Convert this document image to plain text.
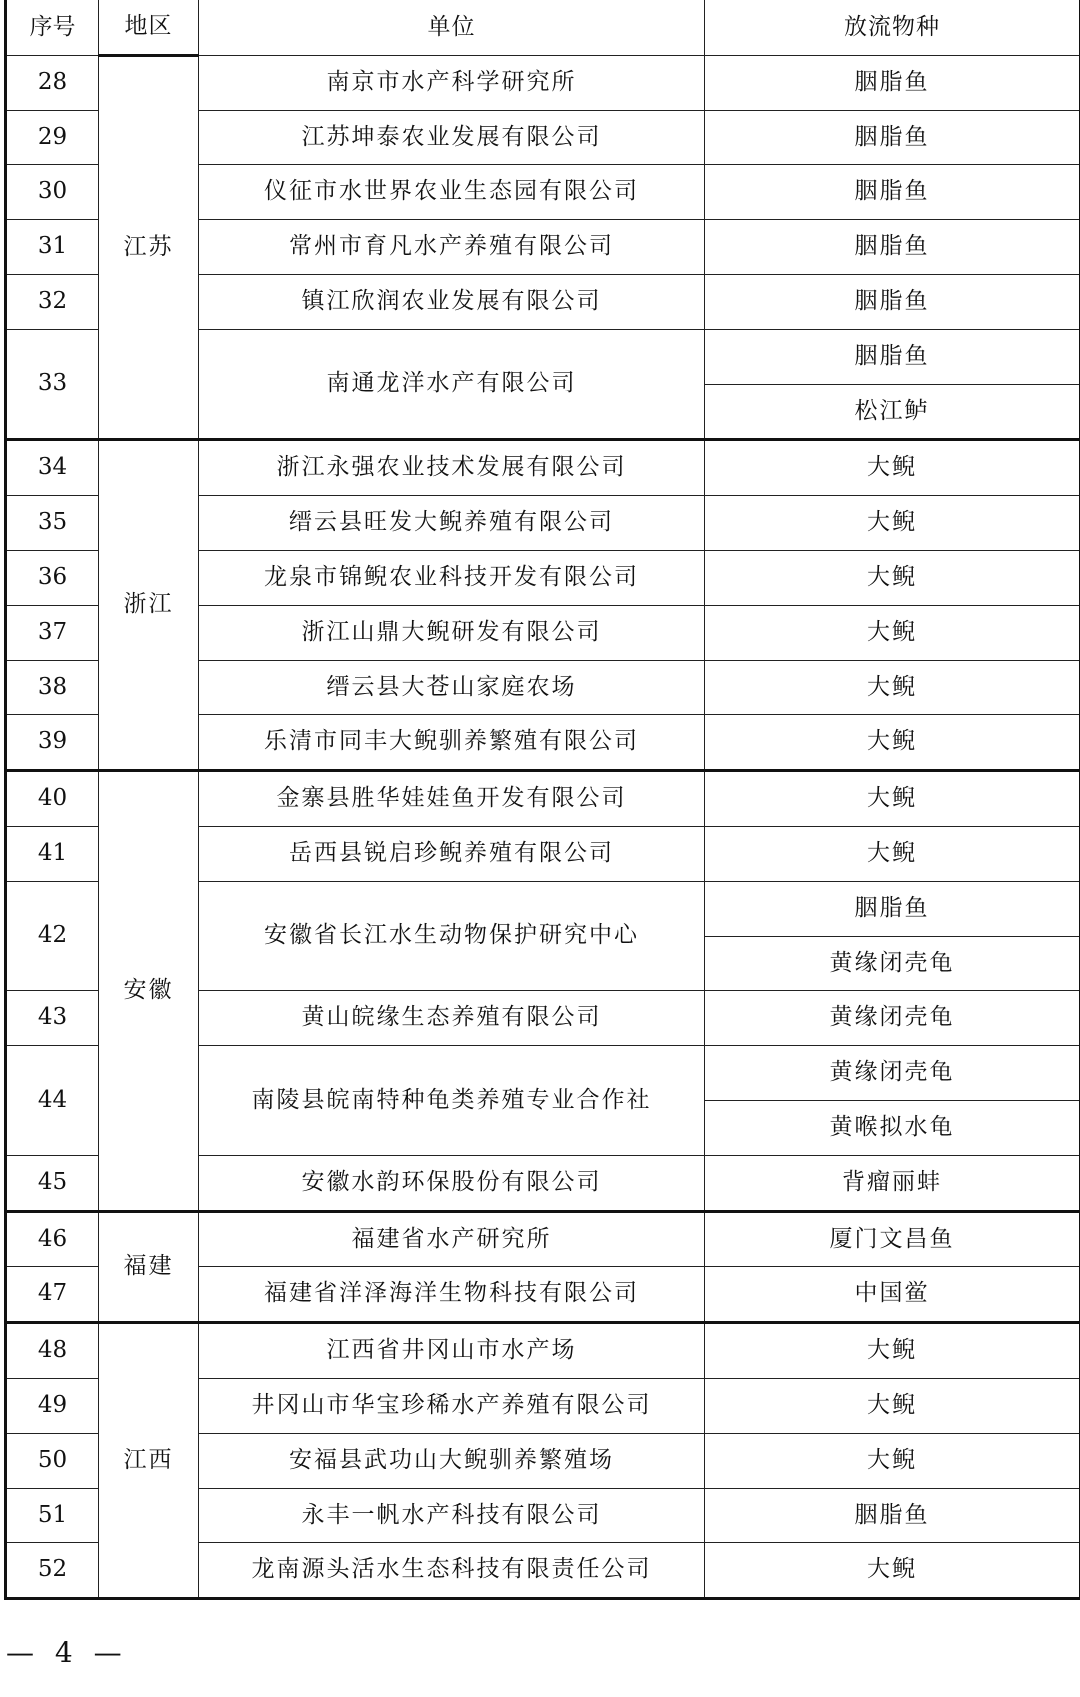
序号	地区	单位	放流物种
28	江苏	南京市水产科学研究所	胭脂鱼
29		江苏坤泰农业发展有限公司	胭脂鱼
30		仪征市水世界农业生态园有限公司	胭脂鱼
31		常州市育凡水产养殖有限公司	胭脂鱼
32		镇江欣润农业发展有限公司	胭脂鱼
33		南通龙洋水产有限公司	胭脂鱼
			松江鲈
34	浙江	浙江永强农业技术发展有限公司	大鲵
35		缙云县旺发大鲵养殖有限公司	大鲵
36		龙泉市锦鲵农业科技开发有限公司	大鲵
37		浙江山鼎大鲵研发有限公司	大鲵
38		缙云县大苍山家庭农场	大鲵
39		乐清市同丰大鲵驯养繁殖有限公司	大鲵
40	安徽	金寨县胜华娃娃鱼开发有限公司	大鲵
41		岳西县锐启珍鲵养殖有限公司	大鲵
42		安徽省长江水生动物保护研究中心	胭脂鱼
			黄缘闭壳龟
43		黄山皖缘生态养殖有限公司	黄缘闭壳龟
44		南陵县皖南特种龟类养殖专业合作社	黄缘闭壳龟
			黄喉拟水龟
45		安徽水韵环保股份有限公司	背瘤丽蚌
46	福建	福建省水产研究所	厦门文昌鱼
47		福建省洋泽海洋生物科技有限公司	中国鲎
48	江西	江西省井冈山市水产场	大鲵
49		井冈山市华宝珍稀水产养殖有限公司	大鲵
50		安福县武功山大鲵驯养繁殖场	大鲵
51		永丰一帆水产科技有限公司	胭脂鱼
52		龙南源头活水生态科技有限责任公司	大鲵
— 4 —
